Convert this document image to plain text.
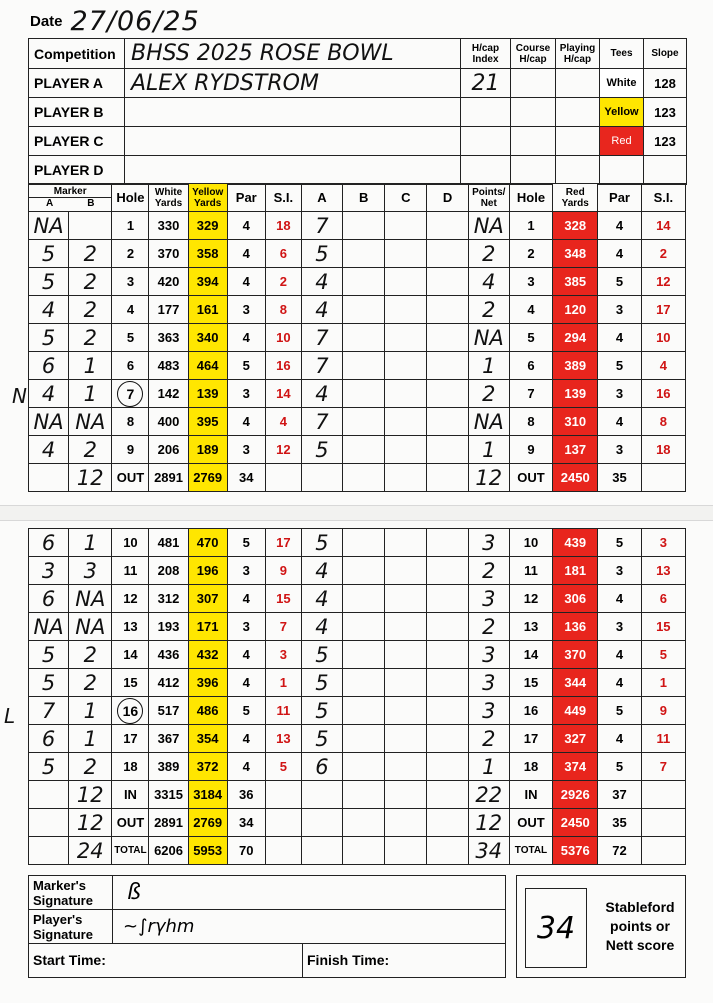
Date 27/06/25
Competition	BHSS 2025 ROSE BOWL	H/cap Index	Course H/cap	Playing H/cap	Tees	Slope
PLAYER A	ALEX RYDSTROM	21			White	128
PLAYER B					Yellow	123
PLAYER C					Red	123
PLAYER D						
Marker
A B		Hole	White Yards	Yellow Yards	Par	S.I.	A	B	C	D	Points/ Net	Hole	Red Yards	Par	S.I.
NA		1	330	329	4	18	7				NA	1	328	4	14
5	2	2	370	358	4	6	5				2	2	348	4	2
5	2	3	420	394	4	2	4				4	3	385	5	12
4	2	4	177	161	3	8	4				2	4	120	3	17
5	2	5	363	340	4	10	7				NA	5	294	4	10
6	1	6	483	464	5	16	7				1	6	389	5	4
4	1	7	142	139	3	14	4				2	7	139	3	16
NA	NA	8	400	395	4	4	7				NA	8	310	4	8
4	2	9	206	189	3	12	5				1	9	137	3	18
	12	OUT	2891	2769	34						12	OUT	2450	35	
6	1	10	481	470	5	17	5				3	10	439	5	3
3	3	11	208	196	3	9	4				2	11	181	3	13
6	NA	12	312	307	4	15	4				3	12	306	4	6
NA	NA	13	193	171	3	7	4				2	13	136	3	15
5	2	14	436	432	4	3	5				3	14	370	4	5
5	2	15	412	396	4	1	5				3	15	344	4	1
7	1	16	517	486	5	11	5				3	16	449	5	9
6	1	17	367	354	4	13	5				2	17	327	4	11
5	2	18	389	372	4	5	6				1	18	374	5	7
	12	IN	3315	3184	36						22	IN	2926	37	
	12	OUT	2891	2769	34						12	OUT	2450	35	
	24	TOTAL	6206	5953	70						34	TOTAL	5376	72	
N
L
Marker's Signature	ß	
Player's Signature	~∫rγhm	
Start Time:		Finish Time:
34
Stableford points or Nett score
